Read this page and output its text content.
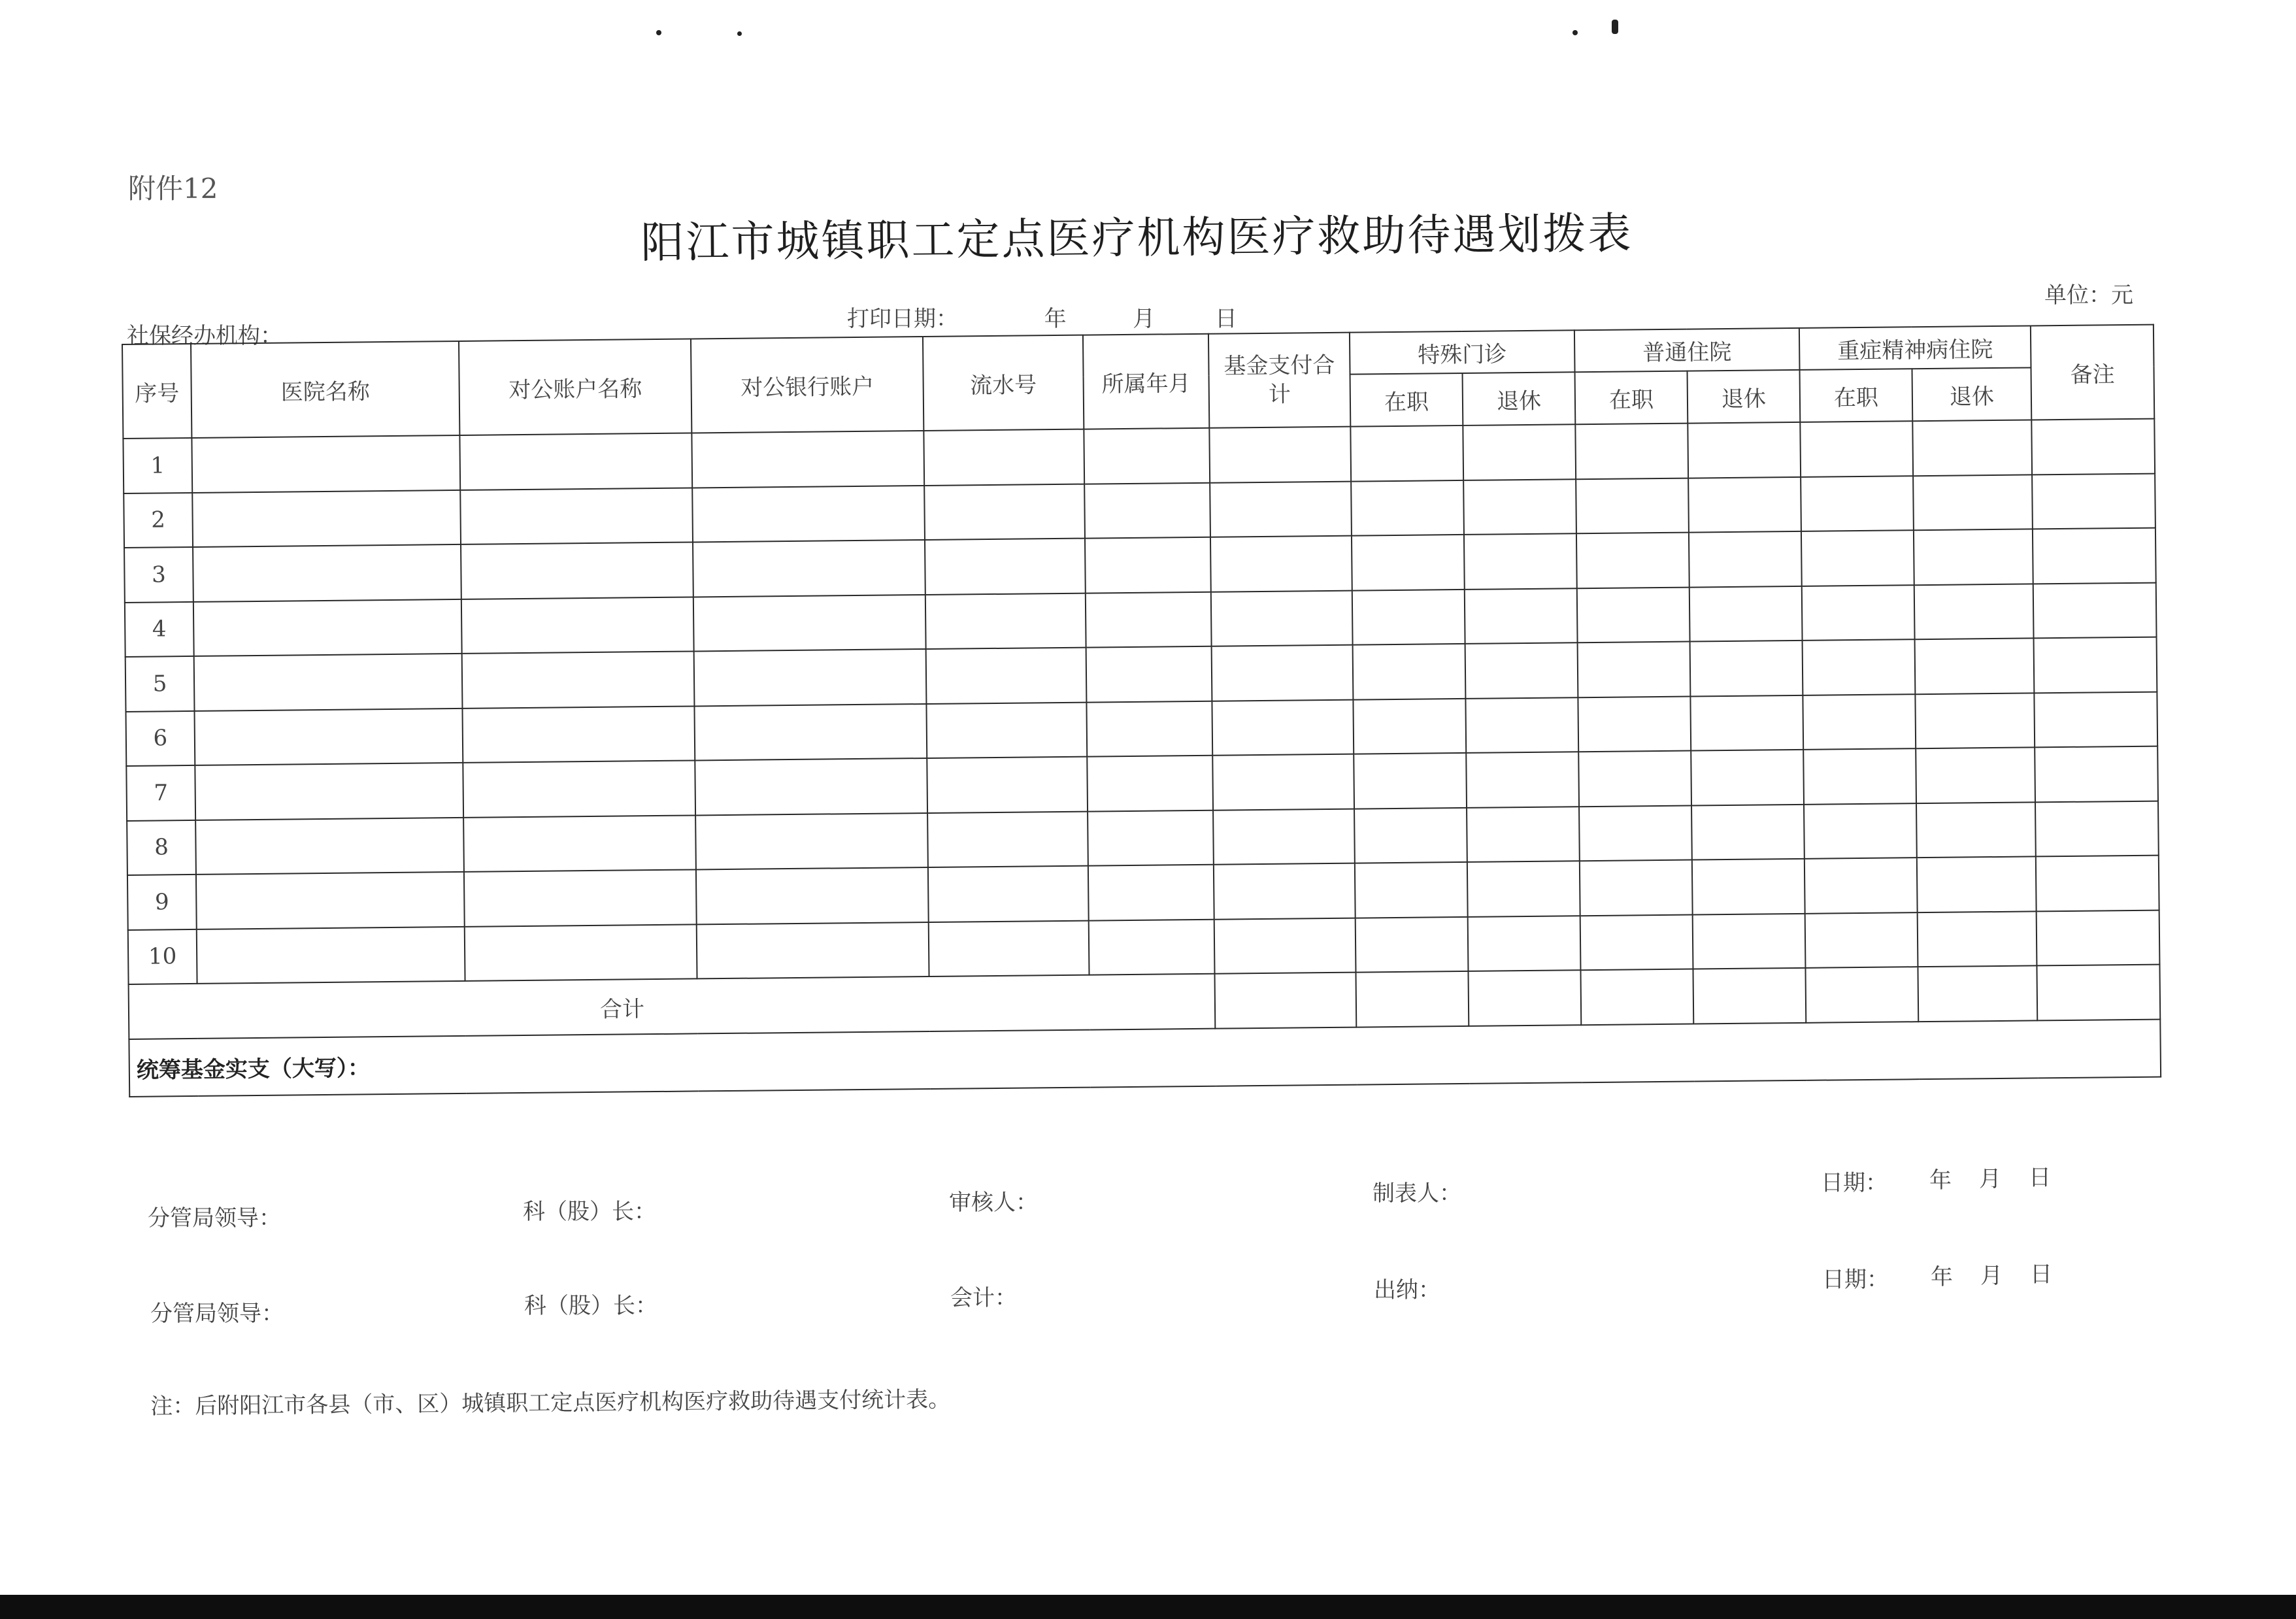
附件12
阳江市城镇职工定点医疗机构医疗救助待遇划拨表
单位：元
社保经办机构：
打印日期：	年	月	日
序号	医院名称	对公账户名称	对公银行账户	流水号	所属年月	基金支付合计	特殊门诊		普通住院		重症精神病住院		备注
							在职	退休	在职	退休	在职	退休	
1													
2													
3													
4													
5													
6													
7													
8													
9													
10													
合计													
统筹基金实支（大写）：													
分管局领导：	科（股）长：	审核人：	制表人：	日期： 年 月 日
分管局领导：	科（股）长：	会计：	出纳：	日期： 年 月 日
注：后附阳江市各县（市、区）城镇职工定点医疗机构医疗救助待遇支付统计表。
